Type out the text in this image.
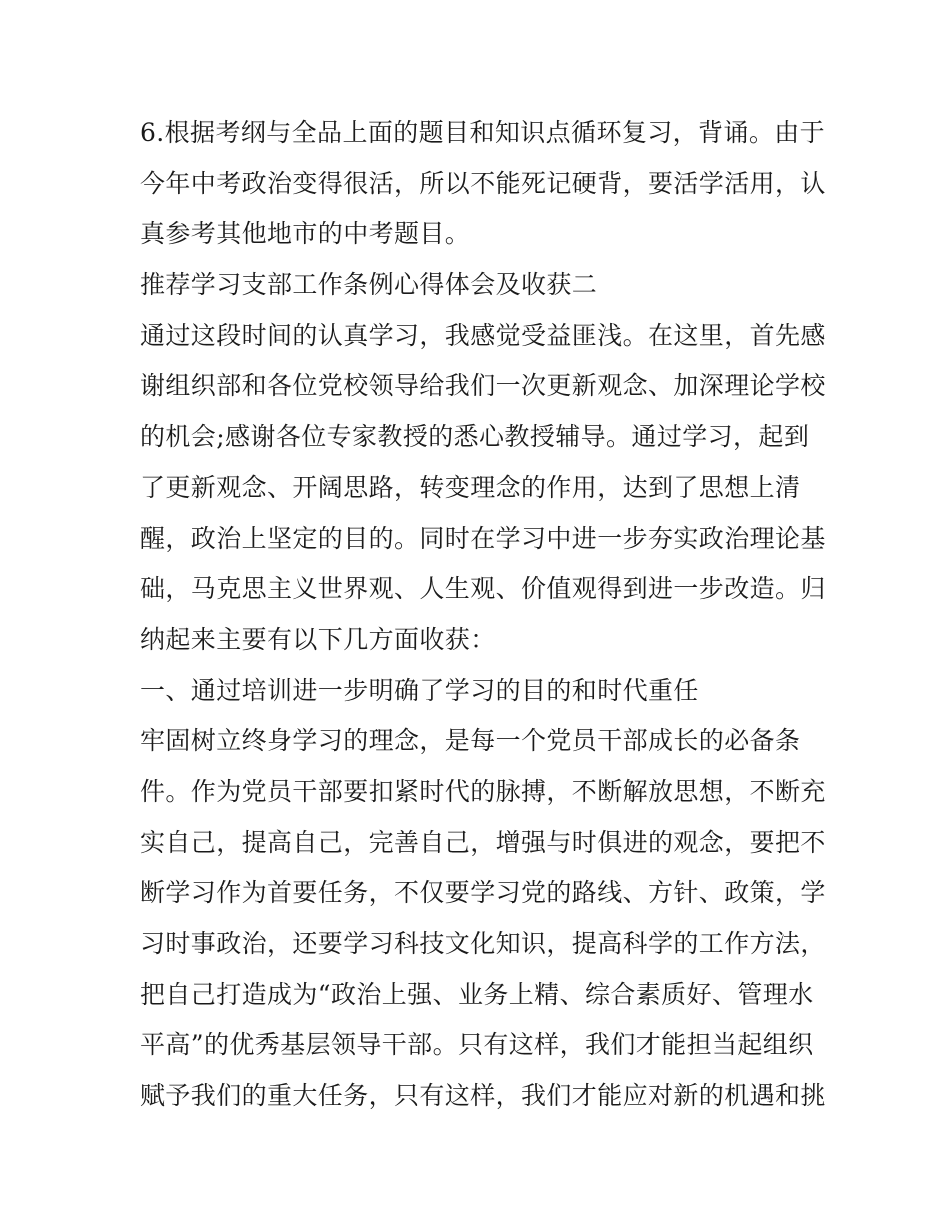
6.根据考纲与全品上面的题目和知识点循环复习，背诵。由于
今年中考政治变得很活，所以不能死记硬背，要活学活用，认
真参考其他地市的中考题目。
推荐学习支部工作条例心得体会及收获二
通过这段时间的认真学习，我感觉受益匪浅。在这里，首先感
谢组织部和各位党校领导给我们一次更新观念、加深理论学校
的机会;感谢各位专家教授的悉心教授辅导。通过学习，起到
了更新观念、开阔思路，转变理念的作用，达到了思想上清
醒，政治上坚定的目的。同时在学习中进一步夯实政治理论基
础，马克思主义世界观、人生观、价值观得到进一步改造。归
纳起来主要有以下几方面收获：
一、通过培训进一步明确了学习的目的和时代重任
牢固树立终身学习的理念，是每一个党员干部成长的必备条
件。作为党员干部要扣紧时代的脉搏，不断解放思想，不断充
实自己，提高自己，完善自己，增强与时俱进的观念，要把不
断学习作为首要任务，不仅要学习党的路线、方针、政策，学
习时事政治，还要学习科技文化知识，提高科学的工作方法，
把自己打造成为“政治上强、业务上精、综合素质好、管理水
平高”的优秀基层领导干部。只有这样，我们才能担当起组织
赋予我们的重大任务，只有这样，我们才能应对新的机遇和挑
